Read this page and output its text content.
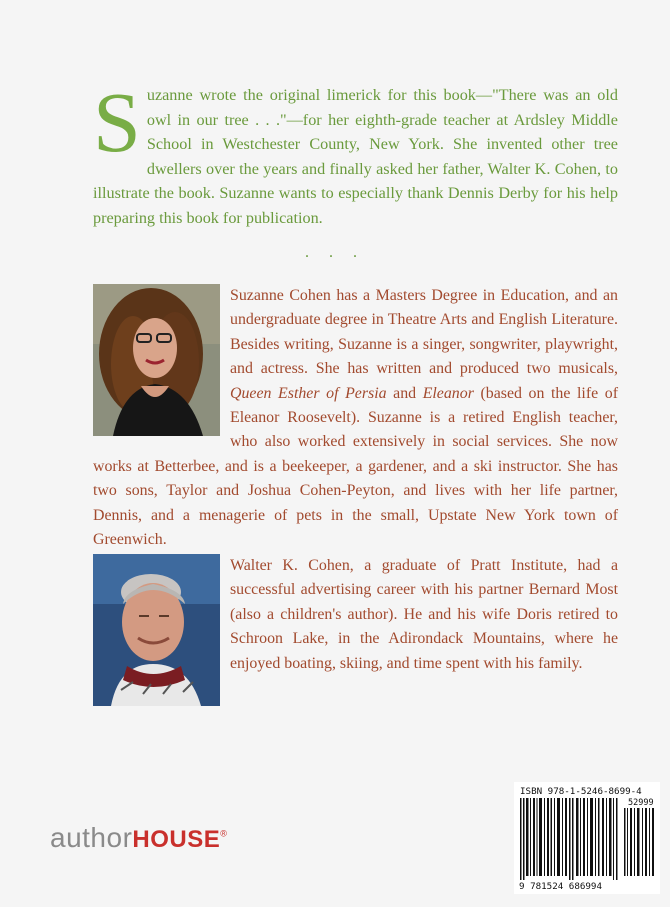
Suzanne wrote the original limerick for this book—"There was an old owl in our tree . . ."—for her eighth-grade teacher at Ardsley Middle School in Westchester County, New York. She invented other tree dwellers over the years and finally asked her father, Walter K. Cohen, to illustrate the book. Suzanne wants to especially thank Dennis Derby for his help preparing this book for publication.
. . .
Suzanne Cohen has a Masters Degree in Education, and an undergraduate degree in Theatre Arts and English Literature. Besides writing, Suzanne is a singer, songwriter, playwright, and actress. She has written and produced two musicals, Queen Esther of Persia and Eleanor (based on the life of Eleanor Roosevelt). Suzanne is a retired English teacher, who also worked extensively in social services. She now works at Betterbee, and is a beekeeper, a gardener, and a ski instructor. She has two sons, Taylor and Joshua Cohen-Peyton, and lives with her life partner, Dennis, and a menagerie of pets in the small, Upstate New York town of Greenwich.
Walter K. Cohen, a graduate of Pratt Institute, had a successful advertising career with his partner Bernard Most (also a children's author). He and his wife Doris retired to Schroon Lake, in the Adirondack Mountains, where he enjoyed boating, skiing, and time spent with his family.
authorHOUSE®
ISBN 978-1-5246-8699-4
52999
9 781524 686994
